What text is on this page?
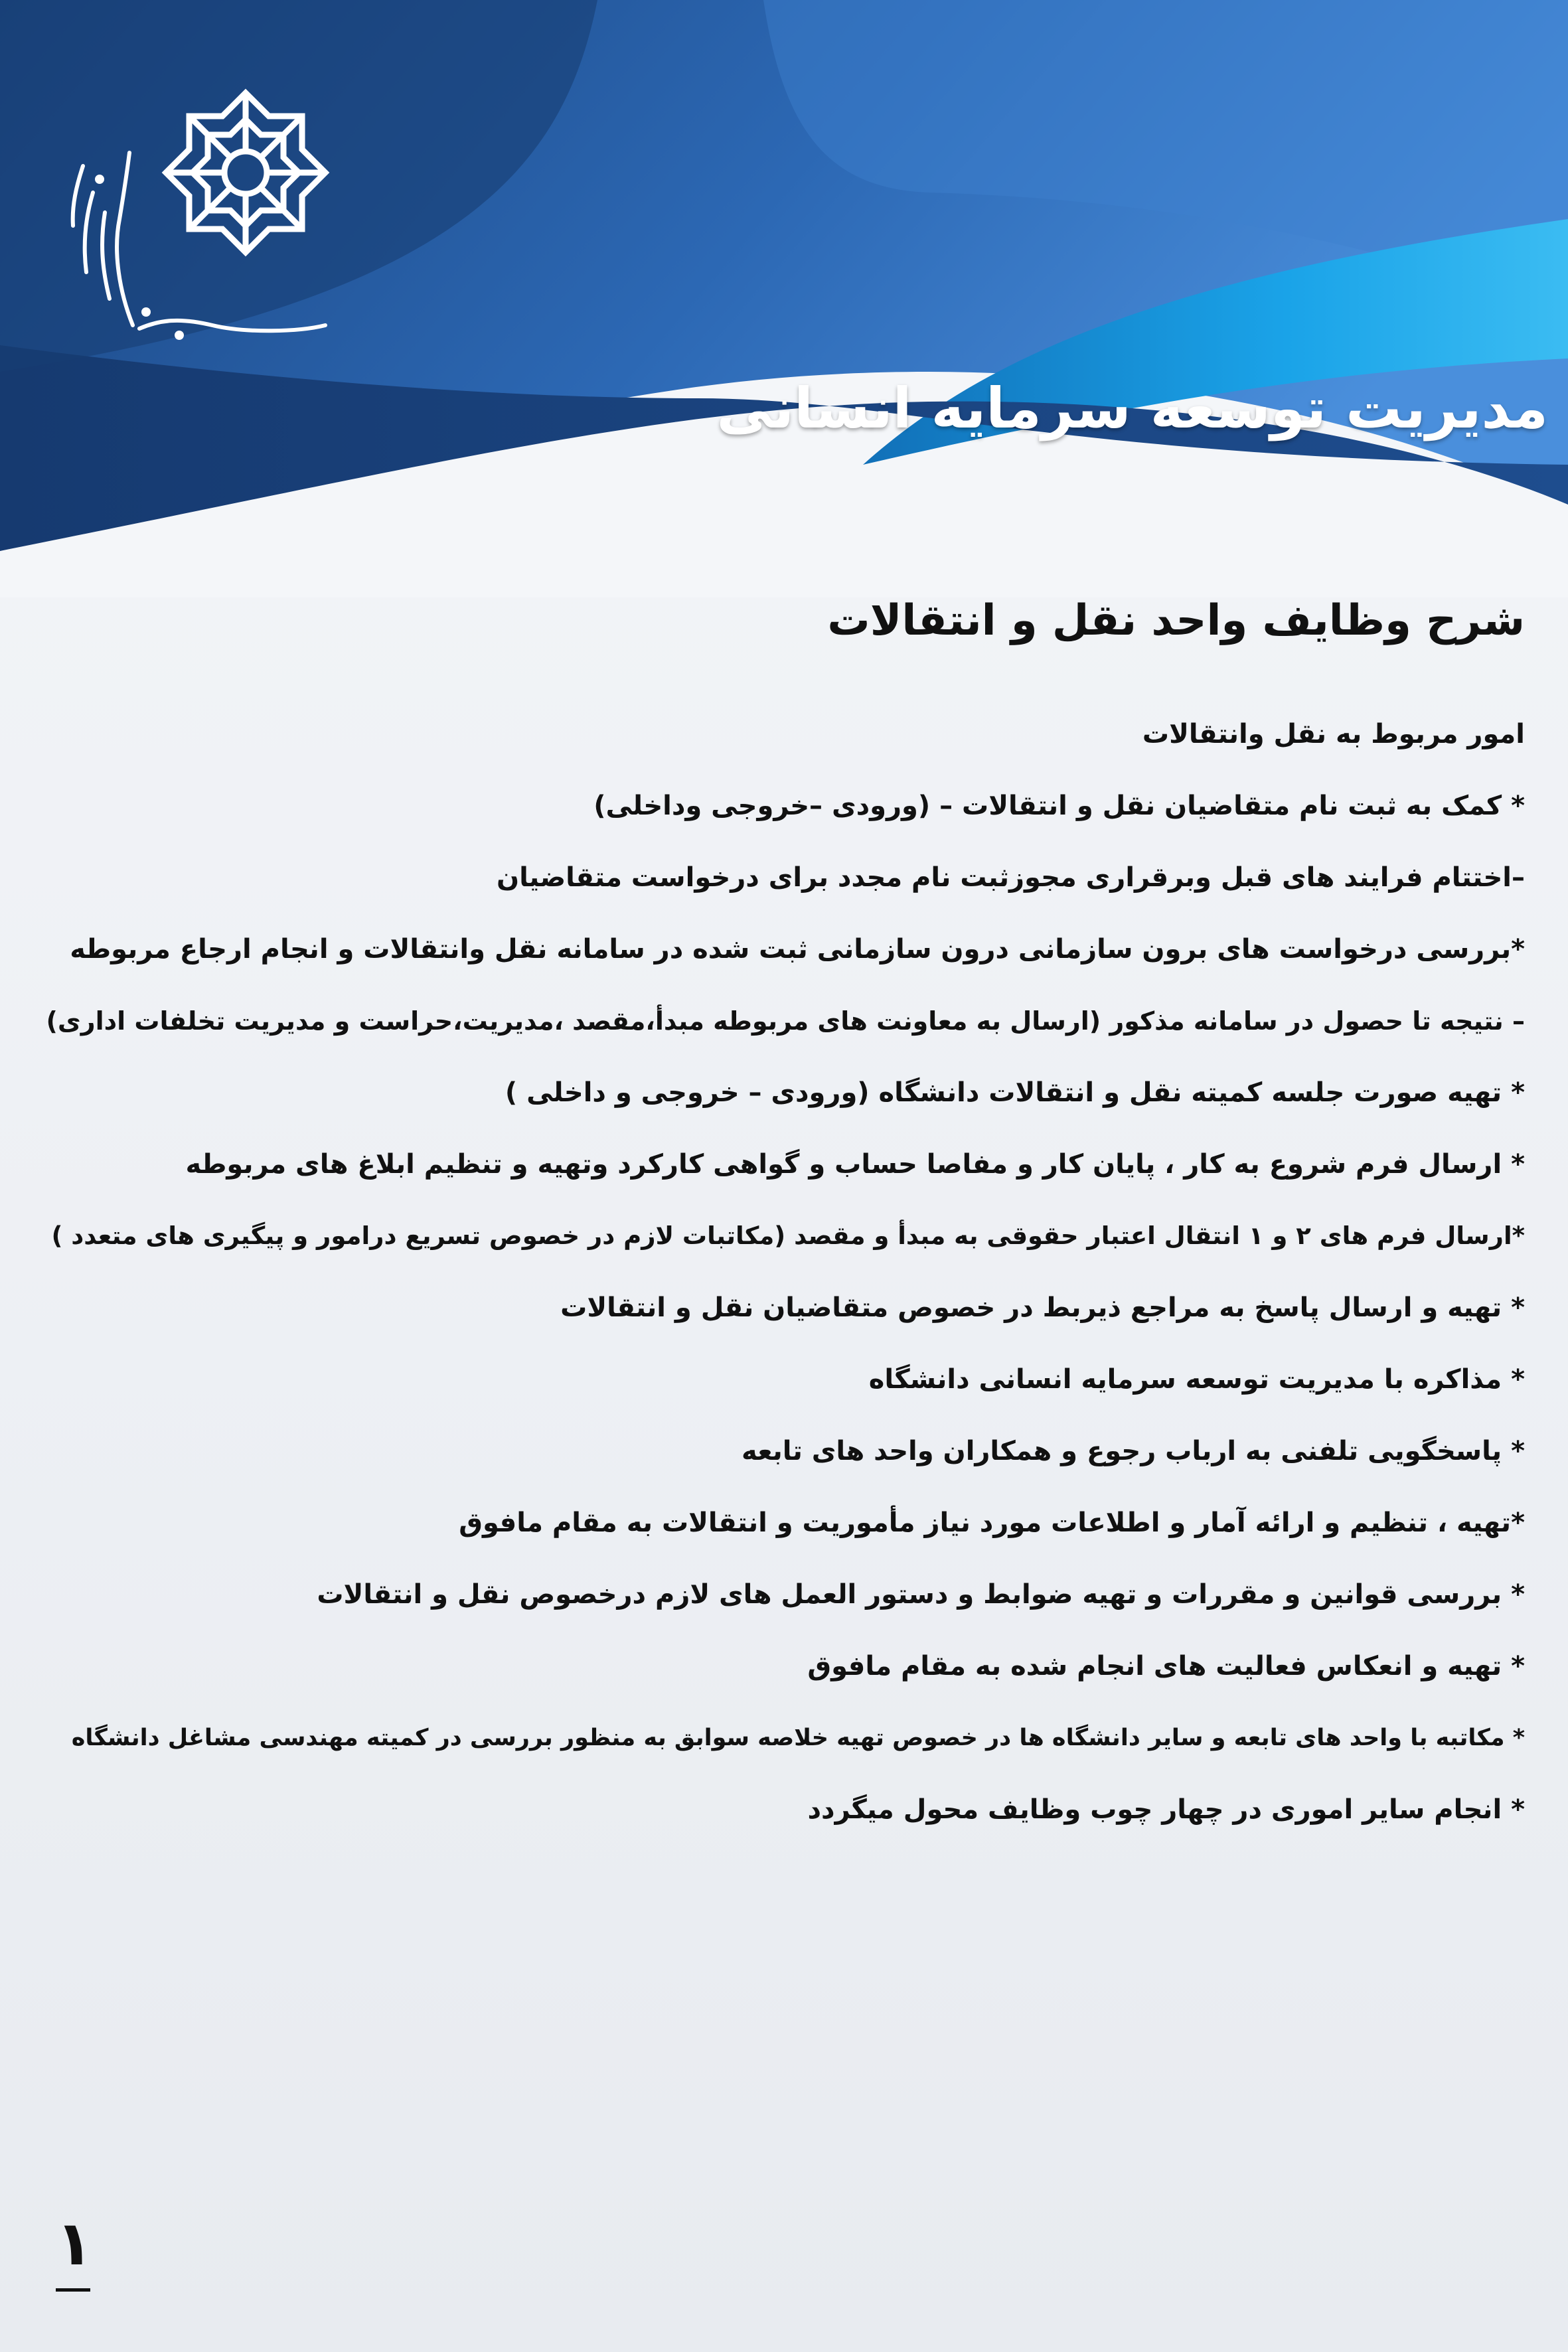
مدیریت توسعه سرمایه انسانی
شرح وظایف واحد نقل و انتقالات
امور مربوط به نقل وانتقالات
* کمک به ثبت نام متقاضیان نقل و انتقالات – (ورودی –خروجی وداخلی)
–اختتام فرایند های قبل وبرقراری مجوزثبت نام مجدد برای درخواست متقاضیان
*بررسی درخواست های برون سازمانی درون سازمانی ثبت شده در سامانه نقل وانتقالات و انجام ارجاع مربوطه
– نتیجه تا حصول در سامانه مذکور (ارسال به معاونت های مربوطه مبدأ،مقصد ،مدیریت،حراست و مدیریت تخلفات اداری)
* تهیه صورت جلسه کمیته نقل و انتقالات دانشگاه (ورودی – خروجی و داخلی )
* ارسال فرم شروع به کار ، پایان کار و مفاصا حساب و گواهی کارکرد وتهیه و تنظیم ابلاغ های مربوطه
*ارسال فرم های ۲ و ۱ انتقال اعتبار حقوقی به مبدأ و مقصد (مکاتبات لازم در خصوص تسریع درامور و پیگیری های متعدد )
* تهیه و ارسال پاسخ به مراجع ذیربط در خصوص متقاضیان نقل و انتقالات
* مذاکره با مدیریت توسعه سرمایه انسانی دانشگاه
* پاسخگویی تلفنی به ارباب رجوع و همکاران واحد های تابعه
*تهیه ، تنظیم و ارائه آمار و اطلاعات مورد نیاز مأموریت و انتقالات به مقام مافوق
* بررسی قوانین و مقررات و تهیه ضوابط و دستور العمل های لازم درخصوص نقل و انتقالات
* تهیه و انعکاس فعالیت های انجام شده به مقام مافوق
* مکاتبه با واحد های تابعه و سایر دانشگاه ها در خصوص تهیه خلاصه سوابق به منظور بررسی در کمیته مهندسی مشاغل دانشگاه
* انجام سایر اموری در چهار چوب وظایف محول میگردد
۱
